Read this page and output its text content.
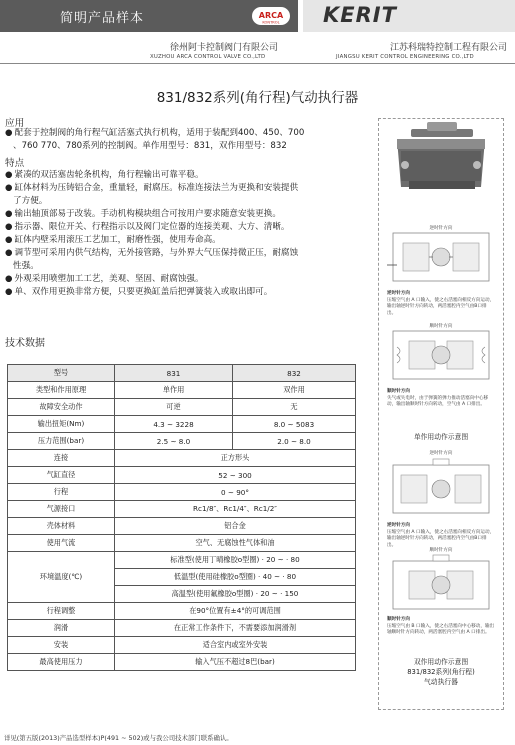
简明产品样本	ARCA
KONTROL KERIT
徐州阿卡控制阀门有限公司
XUZHOU ARCA CONTROL VALVE CO.,LTD
江苏科瑞特控制工程有限公司
JIANGSU KERIT CONTROL ENGINEERING CO.,LTD
831/832系列(角行程)气动执行器
应用

● 配套于控制阀的角行程气缸活塞式执行机构，适用于装配到400、450、700

、760 770、780系列的控制阀。单作用型号：831，双作用型号：832

特点

● 紧凑的双活塞齿轮条机构，角行程输出可靠平稳。

● 缸体材料为压铸铝合金，重量轻，耐腐压。标准连接法兰为更换和安装提供

了方便。

● 输出轴顶部易于改装。手动机构模块组合可按用户要求随意安装更换。

● 指示器、限位开关、行程指示以及阀门定位器的连接美观、大方、清晰。

● 缸体内壁采用滚压工艺加工，耐磨性强，使用寿命高。

● 调节型可采用内供气结构，无外接管路，与外界大气压保持微正压，耐腐蚀

性强。

● 外观采用喷塑加工工艺，美观、坚固、耐腐蚀强。

● 单、双作用更换非常方便，只要更换缸盖后把弹簧装入或取出即可。

技术数据
型号	831	832
类型和作用原理	单作用	双作用
故障安全动作	可逆	无
输出扭矩(Nm)	4.3 ~ 3228	8.0 ~ 5083
压力范围(bar)	2.5 ~ 8.0	2.0 ~ 8.0
连接	正方形头	
气缸直径	52 ~ 300	
行程	0 ~ 90°	
气源接口	Rc1/8″、Rc1/4″、Rc1/2″	
壳体材料	铝合金	
使用气流	空气、无腐蚀性气体和油	
环境温度(℃)	标准型(使用丁晴橡胶o型圈) · 20 ~ · 80	
	低温型(使用硅橡胶o型圈) · 40 ~ · 80	
	高温型(使用氟橡胶o型圈) · 20 ~ · 150	
行程调整	在90°位置有±4°的可调范围	
润滑	在正常工作条件下，不需要添加润滑剂	
安装	适合室内或室外安装	
最高使用压力	输入气压不超过8巴(bar)	
详见(第五版(2013)产品选型样本)P(491 ~ 502)或与我公司技术部门联系确认。
逆时针方向
顺时针方向
逆时针方向
顺时针方向
逆时针方向
压缩空气由 A 口输入，使之右活塞向相反方向运动，输出轴逆时针方向转动，两活塞腔内空气由B口排出。
顺时针方向
失气或失电时，由于弹簧的弹力推动活塞向中心移动，输出轴顺时针方向转动，空气由 A 口排出。
单作用动作示意图
逆时针方向
压缩空气由 A 口输入，使之右活塞向相反方向运动，输出轴逆时针方向转动，两活塞腔内空气由B口排出。
顺时针方向
压缩空气由 B 口输入，使之右活塞向中心移动，输出轴顺时针方向转动，两活塞腔内空气由 A 口排出。
双作用动作示意图
831/832系列(角行程)
气动执行器
